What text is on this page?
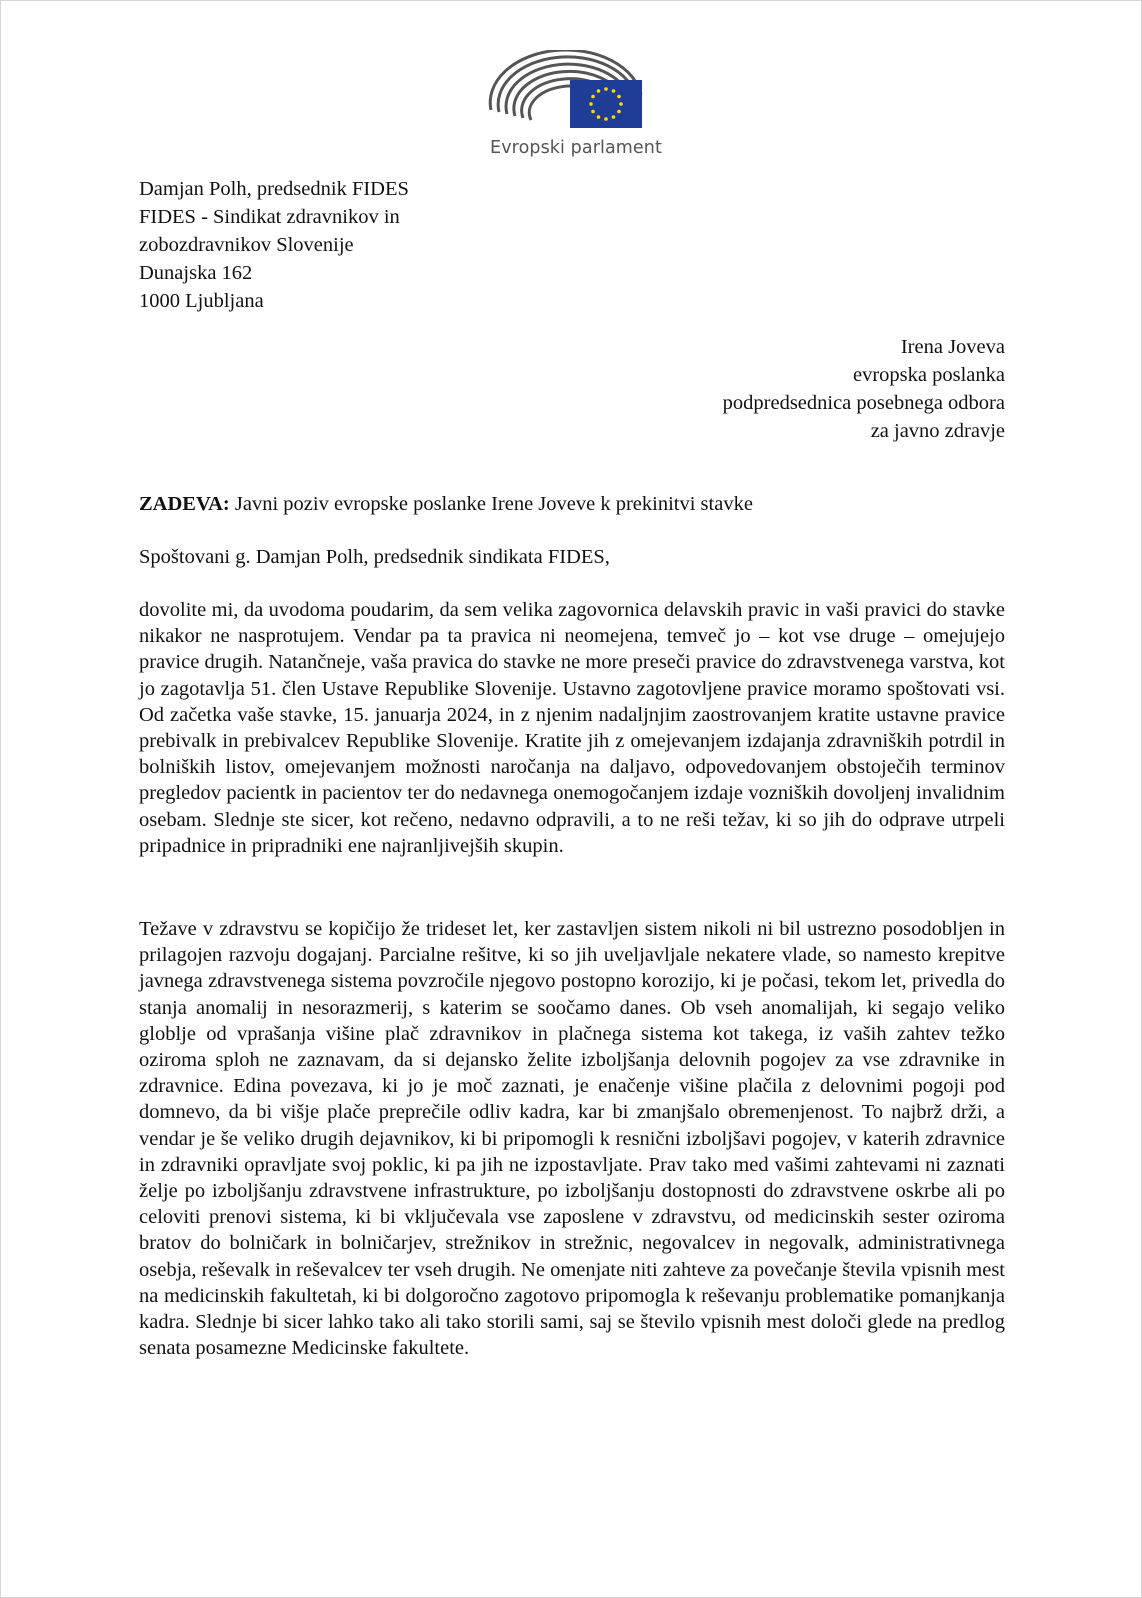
Evropski parlament
Damjan Polh, predsednik FIDES
FIDES - Sindikat zdravnikov in
zobozdravnikov Slovenije
Dunajska 162
1000 Ljubljana
Irena Joveva
evropska poslanka
podpredsednica posebnega odbora
za javno zdravje
ZADEVA: Javni poziv evropske poslanke Irene Joveve k prekinitvi stavke
Spoštovani g. Damjan Polh, predsednik sindikata FIDES,

dovolite mi, da uvodoma poudarim, da sem velika zagovornica delavskih pravic in vaši pravici do stavke nikakor ne nasprotujem. Vendar pa ta pravica ni neomejena, temveč jo – kot vse druge – omejujejo pravice drugih. Natančneje, vaša pravica do stavke ne more preseči pravice do zdravstvenega varstva, kot jo zagotavlja 51. člen Ustave Republike Slovenije. Ustavno zagotovljene pravice moramo spoštovati vsi. Od začetka vaše stavke, 15. januarja 2024, in z njenim nadaljnjim zaostrovanjem kratite ustavne pravice prebivalk in prebivalcev Republike Slovenije. Kratite jih z omejevanjem izdajanja zdravniških potrdil in bolniških listov, omejevanjem možnosti naročanja na daljavo, odpovedovanjem obstoječih terminov pregledov pacientk in pacientov ter do nedavnega onemogočanjem izdaje vozniških dovoljenj invalidnim osebam. Slednje ste sicer, kot rečeno, nedavno odpravili, a to ne reši težav, ki so jih do odprave utrpeli pripadnice in pripradniki ene najranljivejših skupin.

Težave v zdravstvu se kopičijo že trideset let, ker zastavljen sistem nikoli ni bil ustrezno posodobljen in prilagojen razvoju dogajanj. Parcialne rešitve, ki so jih uveljavljale nekatere vlade, so namesto krepitve javnega zdravstvenega sistema povzročile njegovo postopno korozijo, ki je počasi, tekom let, privedla do stanja anomalij in nesorazmerij, s katerim se soočamo danes. Ob vseh anomalijah, ki segajo veliko globlje od vprašanja višine plač zdravnikov in plačnega sistema kot takega, iz vaših zahtev težko oziroma sploh ne zaznavam, da si dejansko želite izboljšanja delovnih pogojev za vse zdravnike in zdravnice. Edina povezava, ki jo je moč zaznati, je enačenje višine plačila z delovnimi pogoji pod domnevo, da bi višje plače preprečile odliv kadra, kar bi zmanjšalo obremenjenost. To najbrž drži, a vendar je še veliko drugih dejavnikov, ki bi pripomogli k resnični izboljšavi pogojev, v katerih zdravnice in zdravniki opravljate svoj poklic, ki pa jih ne izpostavljate. Prav tako med vašimi zahtevami ni zaznati želje po izboljšanju zdravstvene infrastrukture, po izboljšanju dostopnosti do zdravstvene oskrbe ali po celoviti prenovi sistema, ki bi vključevala vse zaposlene v zdravstvu, od medicinskih sester oziroma bratov do bolničark in bolničarjev, strežnikov in strežnic, negovalcev in negovalk, administrativnega osebja, reševalk in reševalcev ter vseh drugih. Ne omenjate niti zahteve za povečanje števila vpisnih mest na medicinskih fakultetah, ki bi dolgoročno zagotovo pripomogla k reševanju problematike pomanjkanja kadra. Slednje bi sicer lahko tako ali tako storili sami, saj se število vpisnih mest določi glede na predlog senata posamezne Medicinske fakultete.
